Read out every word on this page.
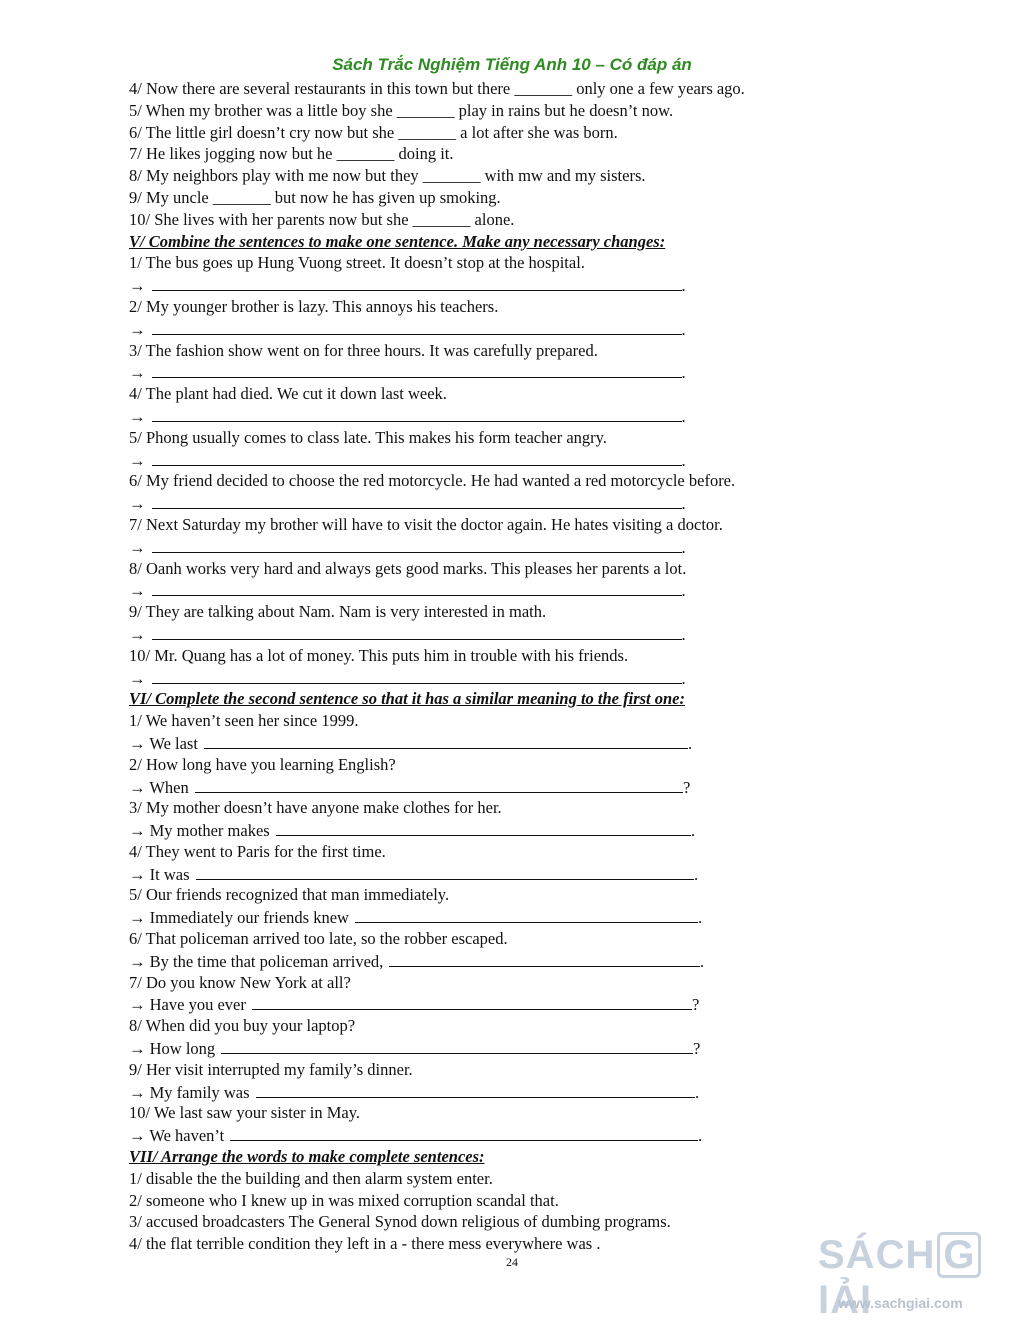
Sách Trắc Nghiệm Tiếng Anh 10 – Có đáp án
4/ Now there are several restaurants in this town but there _______ only one a few years ago.
5/ When my brother was a little boy she _______ play in rains but he doesn’t now.
6/ The little girl doesn’t cry now but she _______ a lot after she was born.
7/ He likes jogging now but he _______ doing it.
8/ My neighbors play with me now but they _______ with mw and my sisters.
9/ My uncle _______ but now he has given up smoking.
10/ She lives with her parents now but she _______ alone.
V/ Combine the sentences to make one sentence. Make any necessary changes:
1/ The bus goes up Hung Vuong street. It doesn’t stop at the hospital.
→	.
2/ My younger brother is lazy. This annoys his teachers.
→	.
3/ The fashion show went on for three hours. It was carefully prepared.
→	.
4/ The plant had died. We cut it down last week.
→	.
5/ Phong usually comes to class late. This makes his form teacher angry.
→	.
6/ My friend decided to choose the red motorcycle. He had wanted a red motorcycle before.
→	.
7/ Next Saturday my brother will have to visit the doctor again. He hates visiting a doctor.
→	.
8/ Oanh works very hard and always gets good marks. This pleases her parents a lot.
→	.
9/ They are talking about Nam. Nam is very interested in math.
→	.
10/ Mr. Quang has a lot of money. This puts him in trouble with his friends.
→	.
VI/ Complete the second sentence so that it has a similar meaning to the first one:
1/ We haven’t seen her since 1999.
→ We last	.
2/ How long have you learning English?
→ When	?
3/ My mother doesn’t have anyone make clothes for her.
→ My mother makes	.
4/ They went to Paris for the first time.
→ It was	.
5/ Our friends recognized that man immediately.
→ Immediately our friends knew	.
6/ That policeman arrived too late, so the robber escaped.
→ By the time that policeman arrived,	.
7/ Do you know New York at all?
→ Have you ever	?
8/ When did you buy your laptop?
→ How long	?
9/ Her visit interrupted my family’s dinner.
→ My family was	.
10/ We last saw your sister in May.
→ We haven’t	.
VII/ Arrange the words to make complete sentences:
1/ disable the the building and then alarm system enter.
2/ someone who I knew up in was mixed corruption scandal that.
3/ accused broadcasters The General Synod down religious of dumbing programs.
4/ the flat terrible condition they left in a - there mess everywhere was .
24	SÁCH GIẢI
www.sachgiai.com
